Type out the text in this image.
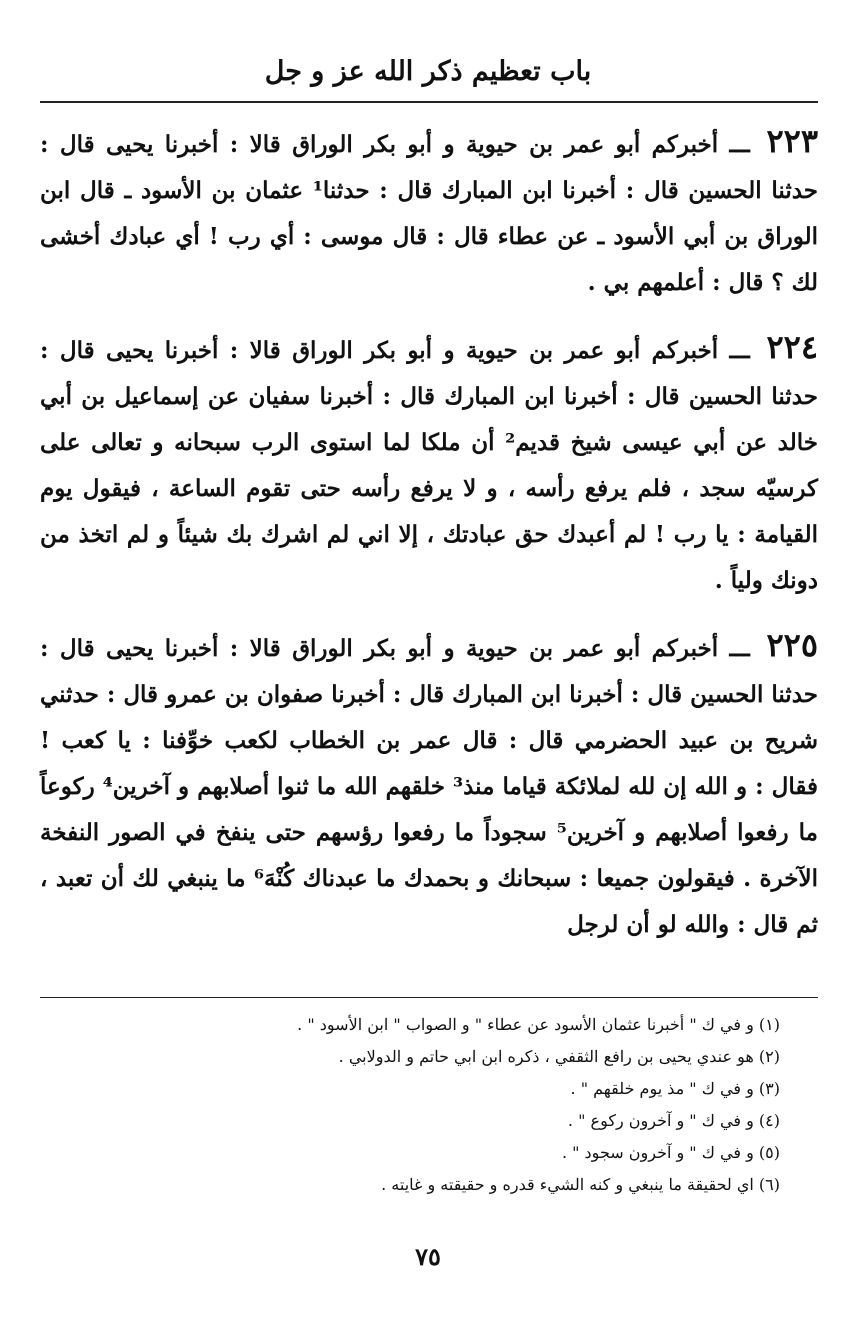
باب تعظيم ذكر الله عز و جل

٢٢٣ ـــ أخبركم أبو عمر بن حيوية و أبو بكر الوراق قالا : أخبرنا يحيى قال : حدثنا الحسين قال : أخبرنا ابن المبارك قال : حدثنا¹ عثمان بن الأسود ـ قال ابن الوراق بن أبي الأسود ـ عن عطاء قال : قال موسى : أي رب ! أي عبادك أخشى لك ؟ قال : أعلمهم بي .

٢٢٤ ـــ أخبركم أبو عمر بن حيوية و أبو بكر الوراق قالا : أخبرنا يحيى قال : حدثنا الحسين قال : أخبرنا ابن المبارك قال : أخبرنا سفيان عن إسماعيل بن أبي خالد عن أبي عيسى شيخ قديم² أن ملكا لما استوى الرب سبحانه و تعالى على كرسيّه سجد ، فلم يرفع رأسه ، و لا يرفع رأسه حتى تقوم الساعة ، فيقول يوم القيامة : يا رب ! لم أعبدك حق عبادتك ، إلا اني لم اشرك بك شيئاً و لم اتخذ من دونك ولياً .

٢٢٥ ـــ أخبركم أبو عمر بن حيوية و أبو بكر الوراق قالا : أخبرنا يحيى قال : حدثنا الحسين قال : أخبرنا ابن المبارك قال : أخبرنا صفوان بن عمرو قال : حدثني شريح بن عبيد الحضرمي قال : قال عمر بن الخطاب لكعب خوِّفنا : يا كعب ! فقال : و الله إن لله لملائكة قياما منذ³ خلقهم الله ما ثنوا أصلابهم و آخرين⁴ ركوعاً ما رفعوا أصلابهم و آخرين⁵ سجوداً ما رفعوا رؤسهم حتى ينفخ في الصور النفخة الآخرة . فيقولون جميعا : سبحانك و بحمدك ما عبدناك كُنْهَ⁶ ما ينبغي لك أن تعبد ، ثم قال : والله لو أن لرجل

(١) و في ك " أخبرنا عثمان الأسود عن عطاء " و الصواب " ابن الأسود " .
(٢) هو عندي يحيى بن رافع الثقفي ، ذكره ابن ابي حاتم و الدولابي .
(٣) و في ك " مذ يوم خلقهم " .
(٤) و في ك " و آخرون ركوع " .
(٥) و في ك " و آخرون سجود " .
(٦) اي لحقيقة ما ينبغي و كنه الشيء قدره و حقيقته و غايته .

٧٥
